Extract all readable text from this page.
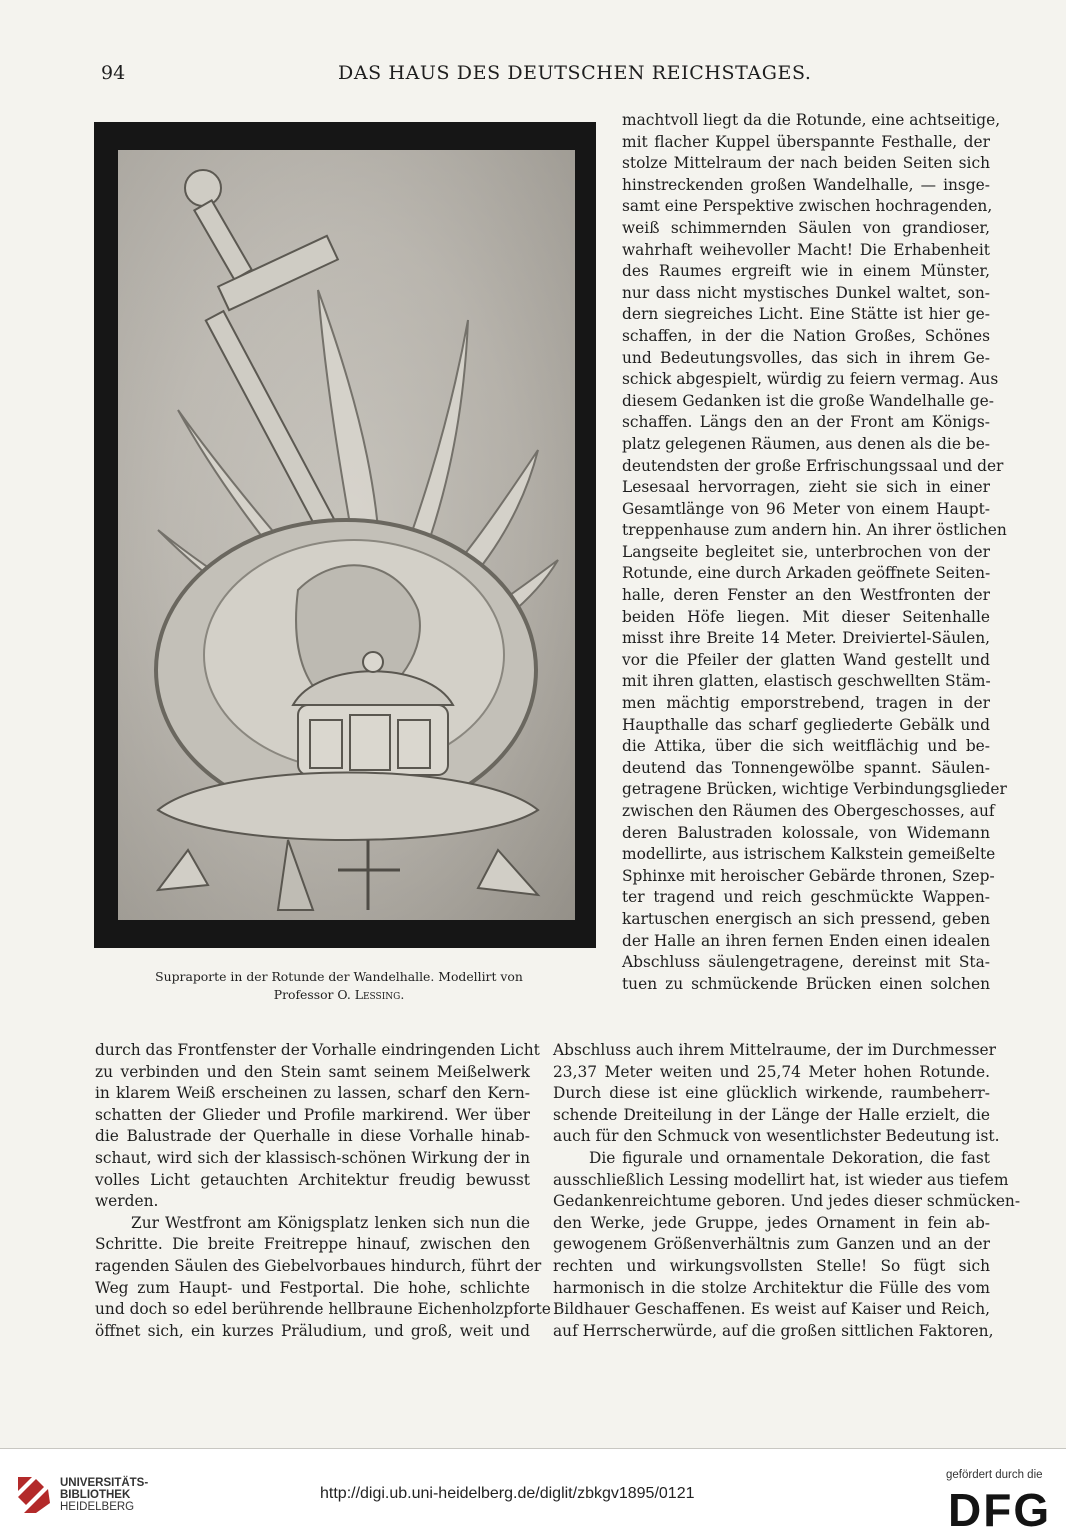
94	DAS HAUS DES DEUTSCHEN REICHSTAGES.
Supraporte in der Rotunde der Wandelhalle. Modellirt von
Professor O. Lessing.
machtvoll liegt da die Rotunde, eine achtseitige,
mit flacher Kuppel überspannte Festhalle, der
stolze Mittelraum der nach beiden Seiten sich
hinstreckenden großen Wandelhalle, — insge-
samt eine Perspektive zwischen hochragenden,
weiß schimmernden Säulen von grandioser,
wahrhaft weihevoller Macht! Die Erhabenheit
des Raumes ergreift wie in einem Münster,
nur dass nicht mystisches Dunkel waltet, son-
dern siegreiches Licht. Eine Stätte ist hier ge-
schaffen, in der die Nation Großes, Schönes
und Bedeutungsvolles, das sich in ihrem Ge-
schick abgespielt, würdig zu feiern vermag. Aus
diesem Gedanken ist die große Wandelhalle ge-
schaffen. Längs den an der Front am Königs-
platz gelegenen Räumen, aus denen als die be-
deutendsten der große Erfrischungssaal und der
Lesesaal hervorragen, zieht sie sich in einer
Gesamtlänge von 96 Meter von einem Haupt-
treppenhause zum andern hin. An ihrer östlichen
Langseite begleitet sie, unterbrochen von der
Rotunde, eine durch Arkaden geöffnete Seiten-
halle, deren Fenster an den Westfronten der
beiden Höfe liegen. Mit dieser Seitenhalle
misst ihre Breite 14 Meter. Dreiviertel-Säulen,
vor die Pfeiler der glatten Wand gestellt und
mit ihren glatten, elastisch geschwellten Stäm-
men mächtig emporstrebend, tragen in der
Haupthalle das scharf gegliederte Gebälk und
die Attika, über die sich weitflächig und be-
deutend das Tonnengewölbe spannt. Säulen-
getragene Brücken, wichtige Verbindungsglieder
zwischen den Räumen des Obergeschosses, auf
deren Balustraden kolossale, von Widemann
modellirte, aus istrischem Kalkstein gemeißelte
Sphinxe mit heroischer Gebärde thronen, Szep-
ter tragend und reich geschmückte Wappen-
kartuschen energisch an sich pressend, geben
der Halle an ihren fernen Enden einen idealen
Abschluss säulengetragene, dereinst mit Sta-
tuen zu schmückende Brücken einen solchen
durch das Frontfenster der Vorhalle eindringenden Licht
zu verbinden und den Stein samt seinem Meißelwerk
in klarem Weiß erscheinen zu lassen, scharf den Kern-
schatten der Glieder und Profile markirend. Wer über
die Balustrade der Querhalle in diese Vorhalle hinab-
schaut, wird sich der klassisch-schönen Wirkung der in
volles Licht getauchten Architektur freudig bewusst
werden.
Zur Westfront am Königsplatz lenken sich nun die
Schritte. Die breite Freitreppe hinauf, zwischen den
ragenden Säulen des Giebelvorbaues hindurch, führt der
Weg zum Haupt- und Festportal. Die hohe, schlichte
und doch so edel berührende hellbraune Eichenholzpforte
öffnet sich, ein kurzes Präludium, und groß, weit und
Abschluss auch ihrem Mittelraume, der im Durchmesser
23,37 Meter weiten und 25,74 Meter hohen Rotunde.
Durch diese ist eine glücklich wirkende, raumbeherr-
schende Dreiteilung in der Länge der Halle erzielt, die
auch für den Schmuck von wesentlichster Bedeutung ist.
Die figurale und ornamentale Dekoration, die fast
ausschließlich Lessing modellirt hat, ist wieder aus tiefem
Gedankenreichtume geboren. Und jedes dieser schmücken-
den Werke, jede Gruppe, jedes Ornament in fein ab-
gewogenem Größenverhältnis zum Ganzen und an der
rechten und wirkungsvollsten Stelle! So fügt sich
harmonisch in die stolze Architektur die Fülle des vom
Bildhauer Geschaffenen. Es weist auf Kaiser und Reich,
auf Herrscherwürde, auf die großen sittlichen Faktoren,
UNIVERSITÄTS-
BIBLIOTHEK
HEIDELBERG
http://digi.ub.uni-heidelberg.de/diglit/zbkgv1895/0121
gefördert durch die
DFG
